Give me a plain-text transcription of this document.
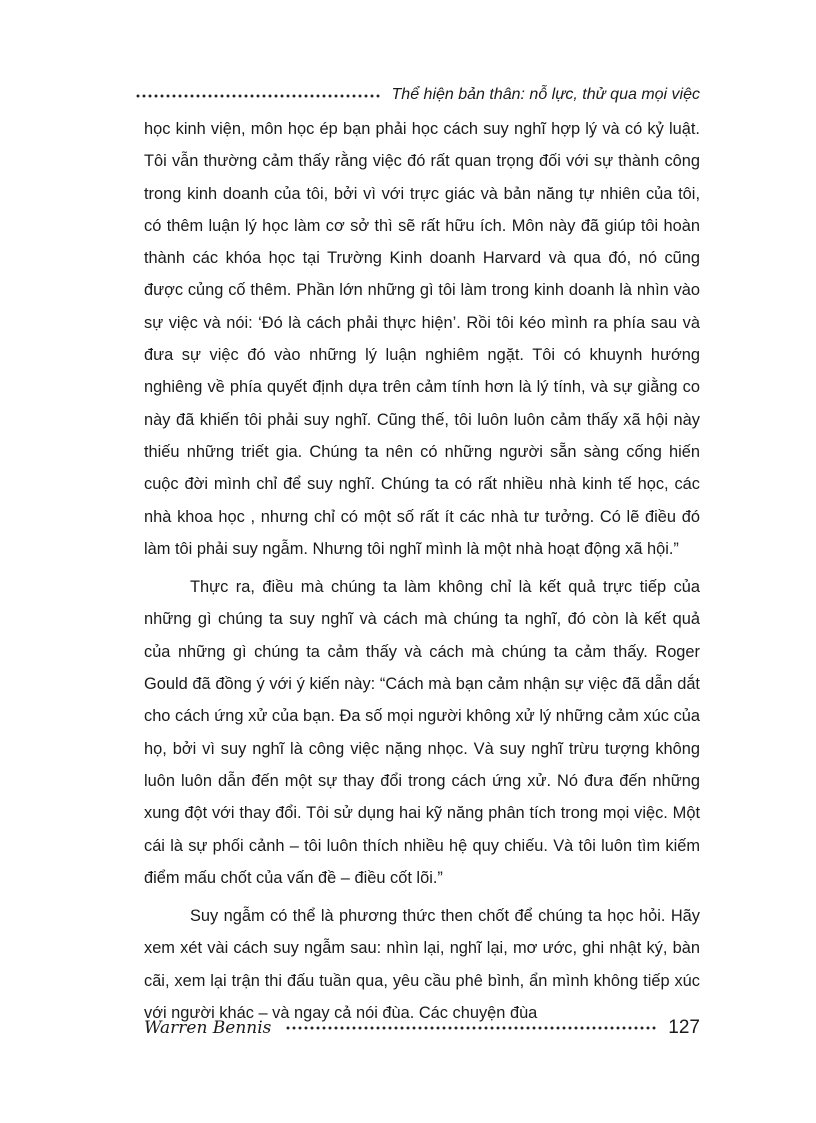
Thể hiện bản thân: nỗ lực, thử qua mọi việc

học kinh viện, môn học ép bạn phải học cách suy nghĩ hợp lý và có kỷ luật. Tôi vẫn thường cảm thấy rằng việc đó rất quan trọng đối với sự thành công trong kinh doanh của tôi, bởi vì với trực giác và bản năng tự nhiên của tôi, có thêm luận lý học làm cơ sở thì sẽ rất hữu ích. Môn này đã giúp tôi hoàn thành các khóa học tại Trường Kinh doanh Harvard và qua đó, nó cũng được củng cố thêm. Phần lớn những gì tôi làm trong kinh doanh là nhìn vào sự việc và nói: ‘Đó là cách phải thực hiện’. Rồi tôi kéo mình ra phía sau và đưa sự việc đó vào những lý luận nghiêm ngặt. Tôi có khuynh hướng nghiêng về phía quyết định dựa trên cảm tính hơn là lý tính, và sự giằng co này đã khiến tôi phải suy nghĩ. Cũng thế, tôi luôn luôn cảm thấy xã hội này thiếu những triết gia. Chúng ta nên có những người sẵn sàng cống hiến cuộc đời mình chỉ để suy nghĩ. Chúng ta có rất nhiều nhà kinh tế học, các nhà khoa học , nhưng chỉ có một số rất ít các nhà tư tưởng. Có lẽ điều đó làm tôi phải suy ngẫm. Nhưng tôi nghĩ mình là một nhà hoạt động xã hội.”

Thực ra, điều mà chúng ta làm không chỉ là kết quả trực tiếp của những gì chúng ta suy nghĩ và cách mà chúng ta nghĩ, đó còn là kết quả của những gì chúng ta cảm thấy và cách mà chúng ta cảm thấy. Roger Gould đã đồng ý với ý kiến này: “Cách mà bạn cảm nhận sự việc đã dẫn dắt cho cách ứng xử của bạn. Đa số mọi người không xử lý những cảm xúc của họ, bởi vì suy nghĩ là công việc nặng nhọc. Và suy nghĩ trừu tượng không luôn luôn dẫn đến một sự thay đổi trong cách ứng xử. Nó đưa đến những xung đột với thay đổi. Tôi sử dụng hai kỹ năng phân tích trong mọi việc. Một cái là sự phối cảnh – tôi luôn thích nhiều hệ quy chiếu. Và tôi luôn tìm kiếm điểm mấu chốt của vấn đề – điều cốt lõi.”

Suy ngẫm có thể là phương thức then chốt để chúng ta học hỏi. Hãy xem xét vài cách suy ngẫm sau: nhìn lại, nghĩ lại, mơ ước, ghi nhật ký, bàn cãi, xem lại trận thi đấu tuần qua, yêu cầu phê bình, ẩn mình không tiếp xúc với người khác – và ngay cả nói đùa. Các chuyện đùa

Warren Bennis	127
